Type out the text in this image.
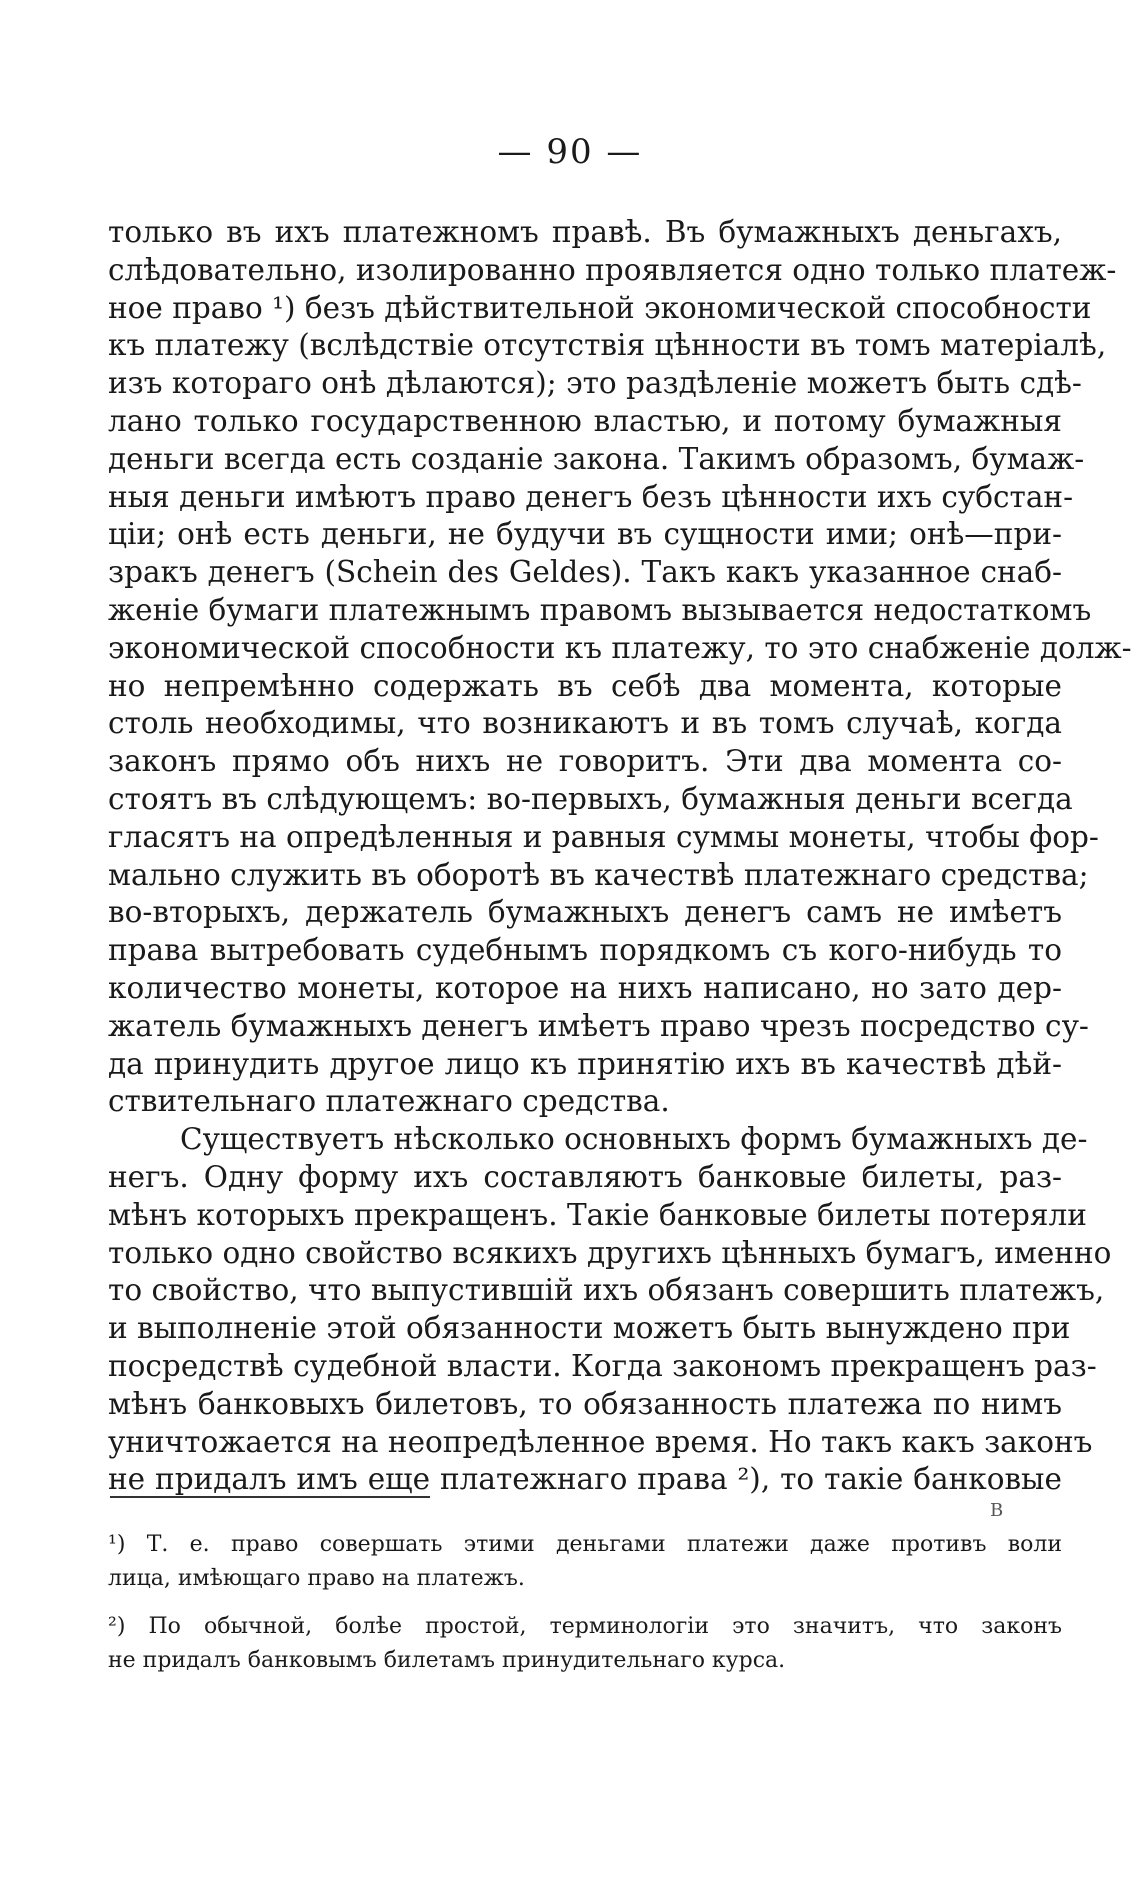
— 90 —
только въ ихъ платежномъ правѣ. Въ бумажныхъ деньгахъ,
слѣдовательно, изолированно проявляется одно только платеж-
ное право ¹) безъ дѣйствительной экономической способности
къ платежу (вслѣдствіе отсутствія цѣнности въ томъ матеріалѣ,
изъ котораго онѣ дѣлаются); это раздѣленіе можетъ быть сдѣ-
лано только государственною властью, и потому бумажныя
деньги всегда есть созданіе закона. Такимъ образомъ, бумаж-
ныя деньги имѣютъ право денегъ безъ цѣнности ихъ субстан-
ціи; онѣ есть деньги, не будучи въ сущности ими; онѣ—при-
зракъ денегъ (Schein des Geldes). Такъ какъ указанное снаб-
женіе бумаги платежнымъ правомъ вызывается недостаткомъ
экономической способности къ платежу, то это снабженіе долж-
но непремѣнно содержать въ себѣ два момента, которые
столь необходимы, что возникаютъ и въ томъ случаѣ, когда
законъ прямо объ нихъ не говоритъ. Эти два момента со-
стоятъ въ слѣдующемъ: во-первыхъ, бумажныя деньги всегда
гласятъ на опредѣленныя и равныя суммы монеты, чтобы фор-
мально служить въ оборотѣ въ качествѣ платежнаго средства;
во-вторыхъ, держатель бумажныхъ денегъ самъ не имѣетъ
права вытребовать судебнымъ порядкомъ съ кого-нибудь то
количество монеты, которое на нихъ написано, но зато дер-
жатель бумажныхъ денегъ имѣетъ право чрезъ посредство су-
да принудить другое лицо къ принятію ихъ въ качествѣ дѣй-
ствительнаго платежнаго средства.
Существуетъ нѣсколько основныхъ формъ бумажныхъ де-
негъ. Одну форму ихъ составляютъ банковые билеты, раз-
мѣнъ которыхъ прекращенъ. Такіе банковые билеты потеряли
только одно свойство всякихъ другихъ цѣнныхъ бумагъ, именно
то свойство, что выпустившій ихъ обязанъ совершить платежъ,
и выполненіе этой обязанности можетъ быть вынуждено при
посредствѣ судебной власти. Когда закономъ прекращенъ раз-
мѣнъ банковыхъ билетовъ, то обязанность платежа по нимъ
уничтожается на неопредѣленное время. Но такъ какъ законъ
не придалъ имъ еще платежнаго права ²), то такіе банковые
В
¹) Т. е. право совершать этими деньгами платежи даже противъ воли
лица, имѣющаго право на платежъ.
²) По обычной, болѣе простой, терминологіи это значитъ, что законъ
не придалъ банковымъ билетамъ принудительнаго курса.
